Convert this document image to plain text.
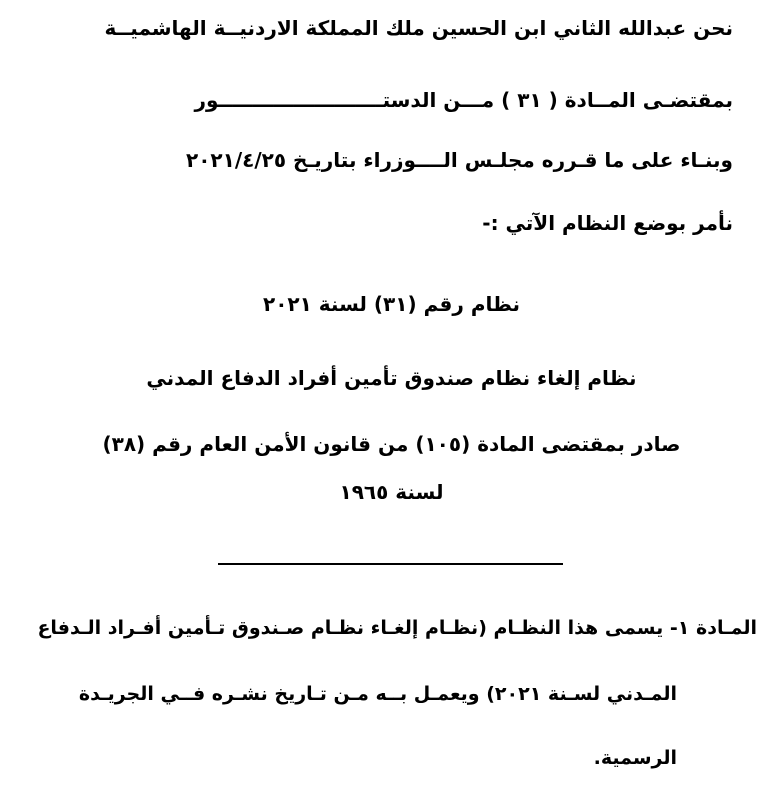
نحن عبدالله الثاني ابن الحسين ملك المملكة الاردنيــة الهاشميــة
بمقتضـى المــادة ( ٣١ ) مـــن الدستــــــــــــــــــــــــور
وبنـاء على ما قـرره مجلـس الــــوزراء بتاريـخ ٢٠٢١/٤/٢٥
نأمر بوضع النظام الآتي :-
نظام رقم (٣١) لسنة ٢٠٢١
نظام إلغاء نظام صندوق تأمين أفراد الدفاع المدني
صادر بمقتضى المادة (١٠٥) من قانون الأمن العام رقم (٣٨)
لسنة ١٩٦٥
المـادة ١- يسمى هذا النظـام (نظـام إلغـاء نظـام صـندوق تـأمين أفـراد الـدفاع
المـدني لسـنة ٢٠٢١) ويعمـل بــه مـن تـاريخ نشـره فــي الجريـدة
الرسمية.
